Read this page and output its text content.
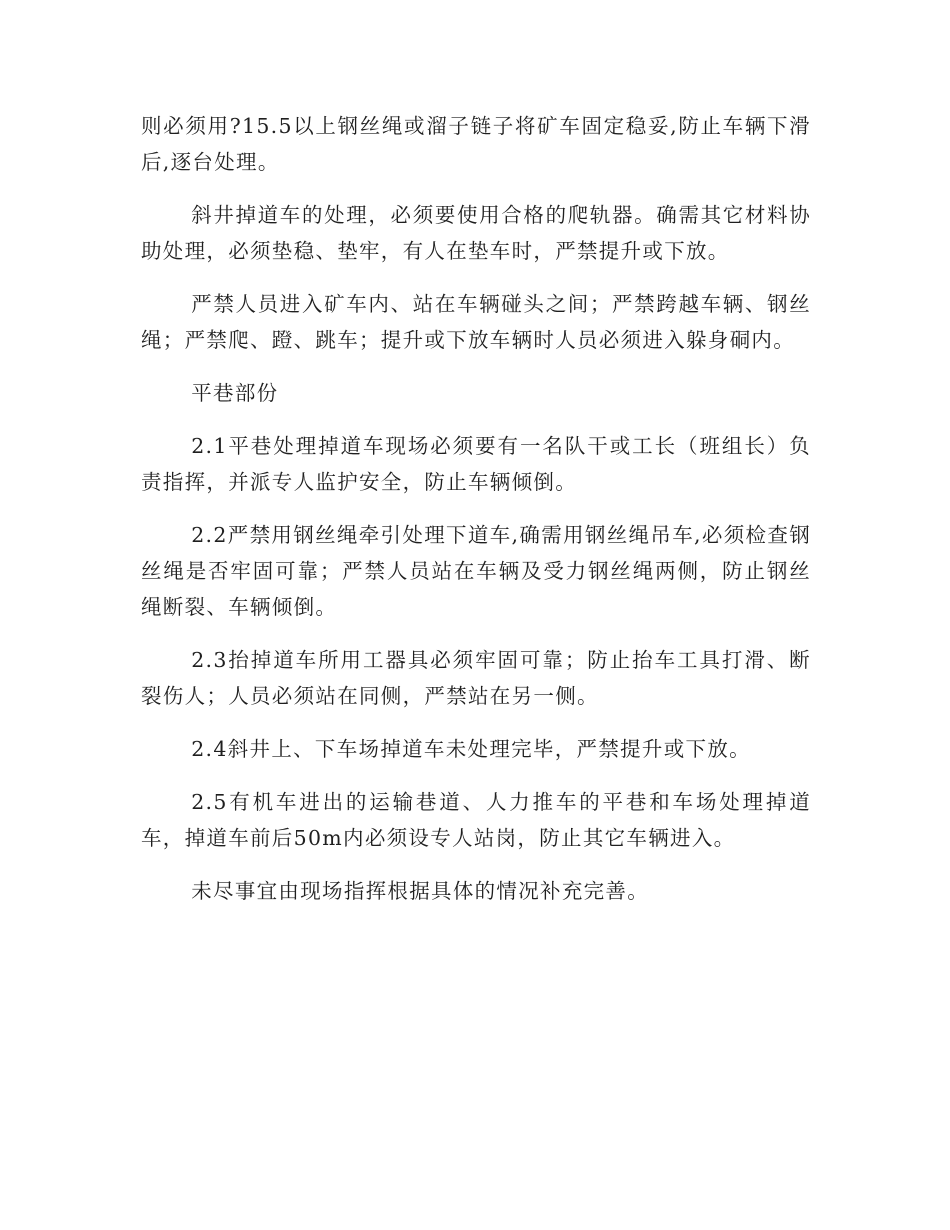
则必须用?15.5以上钢丝绳或溜子链子将矿车固定稳妥,防止车辆下滑后,逐台处理。

斜井掉道车的处理，必须要使用合格的爬轨器。确需其它材料协助处理，必须垫稳、垫牢，有人在垫车时，严禁提升或下放。

严禁人员进入矿车内、站在车辆碰头之间；严禁跨越车辆、钢丝绳；严禁爬、蹬、跳车；提升或下放车辆时人员必须进入躲身硐内。

平巷部份

2.1平巷处理掉道车现场必须要有一名队干或工长（班组长）负责指挥，并派专人监护安全，防止车辆倾倒。

2.2严禁用钢丝绳牵引处理下道车,确需用钢丝绳吊车,必须检查钢丝绳是否牢固可靠；严禁人员站在车辆及受力钢丝绳两侧，防止钢丝绳断裂、车辆倾倒。

2.3抬掉道车所用工器具必须牢固可靠；防止抬车工具打滑、断裂伤人；人员必须站在同侧，严禁站在另一侧。

2.4斜井上、下车场掉道车未处理完毕，严禁提升或下放。

2.5有机车进出的运输巷道、人力推车的平巷和车场处理掉道车，掉道车前后50m内必须设专人站岗，防止其它车辆进入。

未尽事宜由现场指挥根据具体的情况补充完善。
